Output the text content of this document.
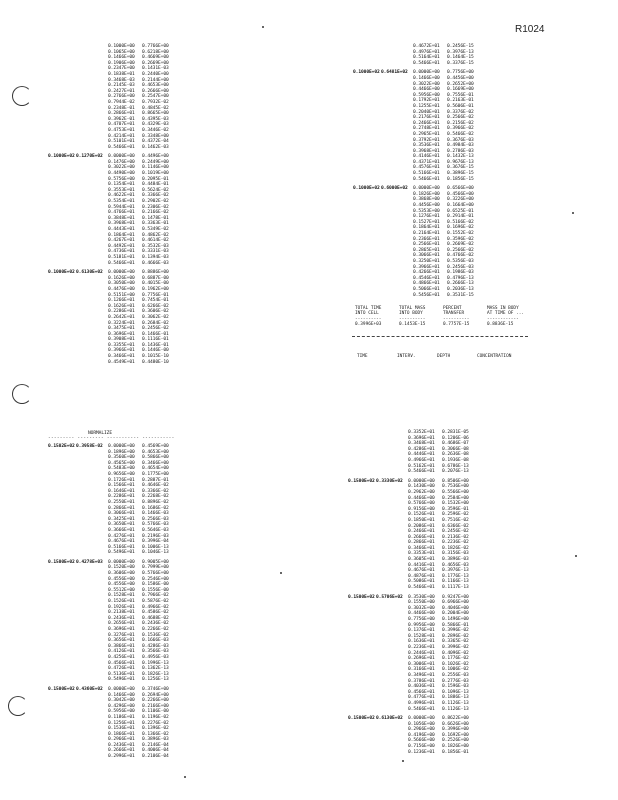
R1024
0.1000E+00	0.7766E+00
0.1065E+00	0.6218E+00
0.1466E+00	0.4669E+00
0.1906E+00	0.2669E+00
0.2347E+00	0.1431E-03
0.1838E+01	0.2440E+00
0.3468E-03	0.2144E+00
0.2145E-03	0.4653E+00
0.2427E+01	0.2666E+00
0.2766E+00	0.2547E+00
0.7944E-02	0.7932E-02
0.2348E-01	0.4845E-02
0.2866E+01	0.8665E+00
0.3962E-01	0.4395E-03
0.4707E+01	0.4329E-03
0.4753E+01	0.3446E-02
0.4214E+01	0.3348E+00
0.5101E+01	0.4372E-04
0.5466E+01	0.1462E-03
0.1000E+02 0.1270E+02	0.0000E+00	0.4496E+00
0.1476E+00	0.2449E+00
0.3022E+00	0.1146E+00
0.4490E+00	0.1019E+00
0.5756E+00	0.2095E-01
0.1354E+01	0.4484E-01
0.3553E+01	0.5624E-02
0.4622E+01	0.3366E-02
0.5354E+01	0.2902E-02
0.5944E+01	0.2306E-02
0.4766E+01	0.2166E-02
0.3848E+01	0.1478E-01
0.3968E+01	0.3363E-01
0.4443E+01	0.5349E-02
0.1864E+01	0.4862E-02
0.4267E+01	0.4614E-02
0.4492E+01	0.3532E-03
0.4736E+01	0.3331E-03
0.5181E+01	0.1394E-03
0.5466E+01	0.4666E-03
0.1000E+02 0.6130E+02	0.0000E+00	0.8886E+00
0.1626E+00	0.6887E-00
0.3050E+00	0.4015E-00
0.4476E+00	0.1962E+00
0.5151E+00	0.7756E-01
0.1266E+01	0.7454E-01
0.1626E+01	0.6266E-02
0.2286E+01	0.3606E-02
0.2642E+01	0.3062E-02
0.3224E+01	0.2684E-02
0.3475E+01	0.2456E-02
0.3696E+01	0.1466E-01
0.3908E+01	0.1116E-01
0.3355E+01	0.1436E-01
0.3966E+01	0.1446E-00
0.3466E+01	0.1015E-10
0.4549E+01	0.4480E-10
0.4672E+01	0.2456E-15
0.4976E+01	0.3976E-13
0.5164E+01	0.1464E-15
0.5466E+01	0.3376E-15
0.1000E+02 0.6481E+02	0.0000E+00	0.7756E+00
0.1466E+00	0.4456E+00
0.3022E+00	0.2652E+00
0.4466E+00	0.1669E+00
0.5956E+00	0.7556E-01
0.1792E+01	0.2163E-01
0.1255E+01	0.5606E-01
0.2040E+01	0.3376E-02
0.2176E+01	0.2566E-02
0.2466E+01	0.2156E-02
0.2748E+01	0.3966E-02
0.2965E+01	0.5466E-02
0.3792E+01	0.3676E-03
0.3536E+01	0.4984E-03
0.3968E+01	0.2786E-03
0.4146E+01	0.1432E-13
0.4371E+01	0.9676E-13
0.4576E+01	0.3676E-15
0.5166E+01	0.3896E-15
0.5466E+01	0.1856E-15
0.1000E+02 0.6000E+02	0.0000E+00	0.6566E+00
0.1826E+00	0.4566E+00
0.3868E+00	0.3226E+00
0.4456E+00	0.1664E+00
0.5353E+00	0.6525E-01
0.1276E+01	0.2914E-01
0.1527E+01	0.5166E-02
0.1864E+01	0.1696E-02
0.2164E+01	0.1552E-02
0.2366E+01	0.3596E-02
0.2566E+01	0.2669E-02
0.2865E+01	0.2566E-02
0.3066E+01	0.4766E-02
0.3250E+01	0.5356E-03
0.3966E+01	0.2456E-03
0.4266E+01	0.1986E-03
0.4546E+01	0.4796E-13
0.4866E+01	0.2666E-13
0.5066E+01	0.2036E-13
0.5456E+01	0.3531E-15
TOTAL TIME	TOTAL MASS	PERCENT	MASS IN BODY
INTO CELL	INTO BODY	TRANSFER	AT TIME OF ...
----------	----------	----------	------------
0.3996E+03	0.1453E-15	0.7757E-15	0.8836E-15
TIME	INTERV.	DEPTH	CONCENTRATION
NORMALIZE
--------- --------- ----------- -----------
0.1502E+02 0.3958E-02	0.0000E+00	0.4569E+00
0.1896E+00	0.4653E+00
0.3560E+00	0.5866E+00
0.4565E+00	0.3466E+00
0.5483E+00	0.4654E+00
0.9656E+00	0.1775E+00
0.1726E+01	0.2887E-01
0.1566E+01	0.4646E-02
0.1646E+01	0.3366E-02
0.2286E+01	0.2268E-02
0.2550E+01	0.8896E-02
0.2866E+01	0.1686E-02
0.3066E+01	0.1466E-03
0.3425E+01	0.2566E-03
0.3650E+01	0.5766E-03
0.3666E+01	0.5646E-03
0.4276E+01	0.2196E-03
0.4676E+01	0.3996E-04
0.5166E+01	0.1006E-13
0.5496E+01	0.1046E-13
0.1500E+02 0.4278E+03	0.0000E+00	0.9005E+00
0.1520E+00	0.7999E+00
0.3606E+00	0.5766E+00
0.4556E+00	0.2546E+00
0.4556E+00	0.1586E-00
0.5512E+00	0.1556E-00
0.1528E+01	0.7966E-02
0.1526E+01	0.5876E-02
0.1926E+01	0.4966E-02
0.2138E+01	0.4586E-02
0.2436E+01	0.4688E-02
0.2656E+01	0.2436E-02
0.3696E+01	0.2266E-02
0.3276E+01	0.1536E-02
0.3656E+01	0.1666E-03
0.3866E+01	0.4286E-03
0.4126E+01	0.3566E-03
0.4256E+01	0.4956E-03
0.4566E+01	0.1996E-13
0.4726E+01	0.1362E-13
0.5136E+01	0.1826E-13
0.5496E+01	0.1256E-13
0.1500E+02 0.4360E+02	0.0000E+00	0.3746E+00
0.1466E+00	0.2694E+00
0.3042E+00	0.2266E+00
0.4296E+00	0.2166E+00
0.5956E+00	0.1106E-00
0.1186E+01	0.1196E-02
0.1256E+01	0.2276E-02
0.1536E+01	0.1396E-02
0.1866E+01	0.1366E-02
0.2966E+01	0.3896E-03
0.2436E+01	0.2146E-04
0.2666E+01	0.4006E-04
0.2996E+01	0.2106E-04
0.3352E+01	0.2831E-05
0.3696E+01	0.1206E-06
0.3468E+01	0.4686E-07
0.4286E+01	0.3066E-08
0.4446E+01	0.2636E-08
0.4966E+01	0.1936E-08
0.5162E+01	0.6786E-13
0.5466E+01	0.2076E-13
0.1500E+02 0.3330E+02	0.0000E+00	0.8506E+00
0.1430E+00	0.7536E+00
0.2962E+00	0.5566E+00
0.4466E+00	0.2584E+00
0.5766E+00	0.1532E+00
0.9156E+00	0.3596E-01
0.1526E+01	0.2596E-02
0.1850E+01	0.7516E-02
0.2086E+01	0.6366E-02
0.2466E+01	0.2456E-02
0.2666E+01	0.2136E-02
0.2866E+01	0.2236E-02
0.3466E+01	0.1826E-02
0.3353E+01	0.3156E-03
0.3605E+01	0.3896E-03
0.4416E+01	0.4656E-03
0.4676E+01	0.3976E-13
0.4876E+01	0.1776E-13
0.5086E+01	0.1166E-13
0.5466E+01	0.1117E-13
0.1500E+02 0.5706E+02	0.3530E+00	0.9247E+00
0.1550E+00	0.6966E+00
0.3032E+00	0.4046E+00
0.4466E+00	0.2004E+00
0.7756E+00	0.1496E+00
0.9956E+00	0.5866E-01
0.1376E+01	0.3996E-02
0.1528E+01	0.2896E-02
0.1636E+01	0.3365E-02
0.2236E+01	0.3996E-02
0.2446E+01	0.4096E-02
0.2696E+01	0.1776E-02
0.3006E+01	0.1026E-02
0.3166E+01	0.1006E-02
0.3496E+01	0.2556E-03
0.3786E+01	0.2776E-03
0.4036E+01	0.1596E-03
0.4566E+01	0.1096E-13
0.4776E+01	0.1886E-13
0.4996E+01	0.1126E-13
0.5466E+01	0.1126E-13
0.1500E+02 0.6130E+02	0.0000E+00	0.8622E+00
0.1056E+00	0.6626E+00
0.2966E+00	0.3996E+00
0.4196E+00	0.1692E+00
0.5666E+00	0.2526E+00
0.7156E+00	0.1826E+00
0.1236E+01	0.1856E-01
